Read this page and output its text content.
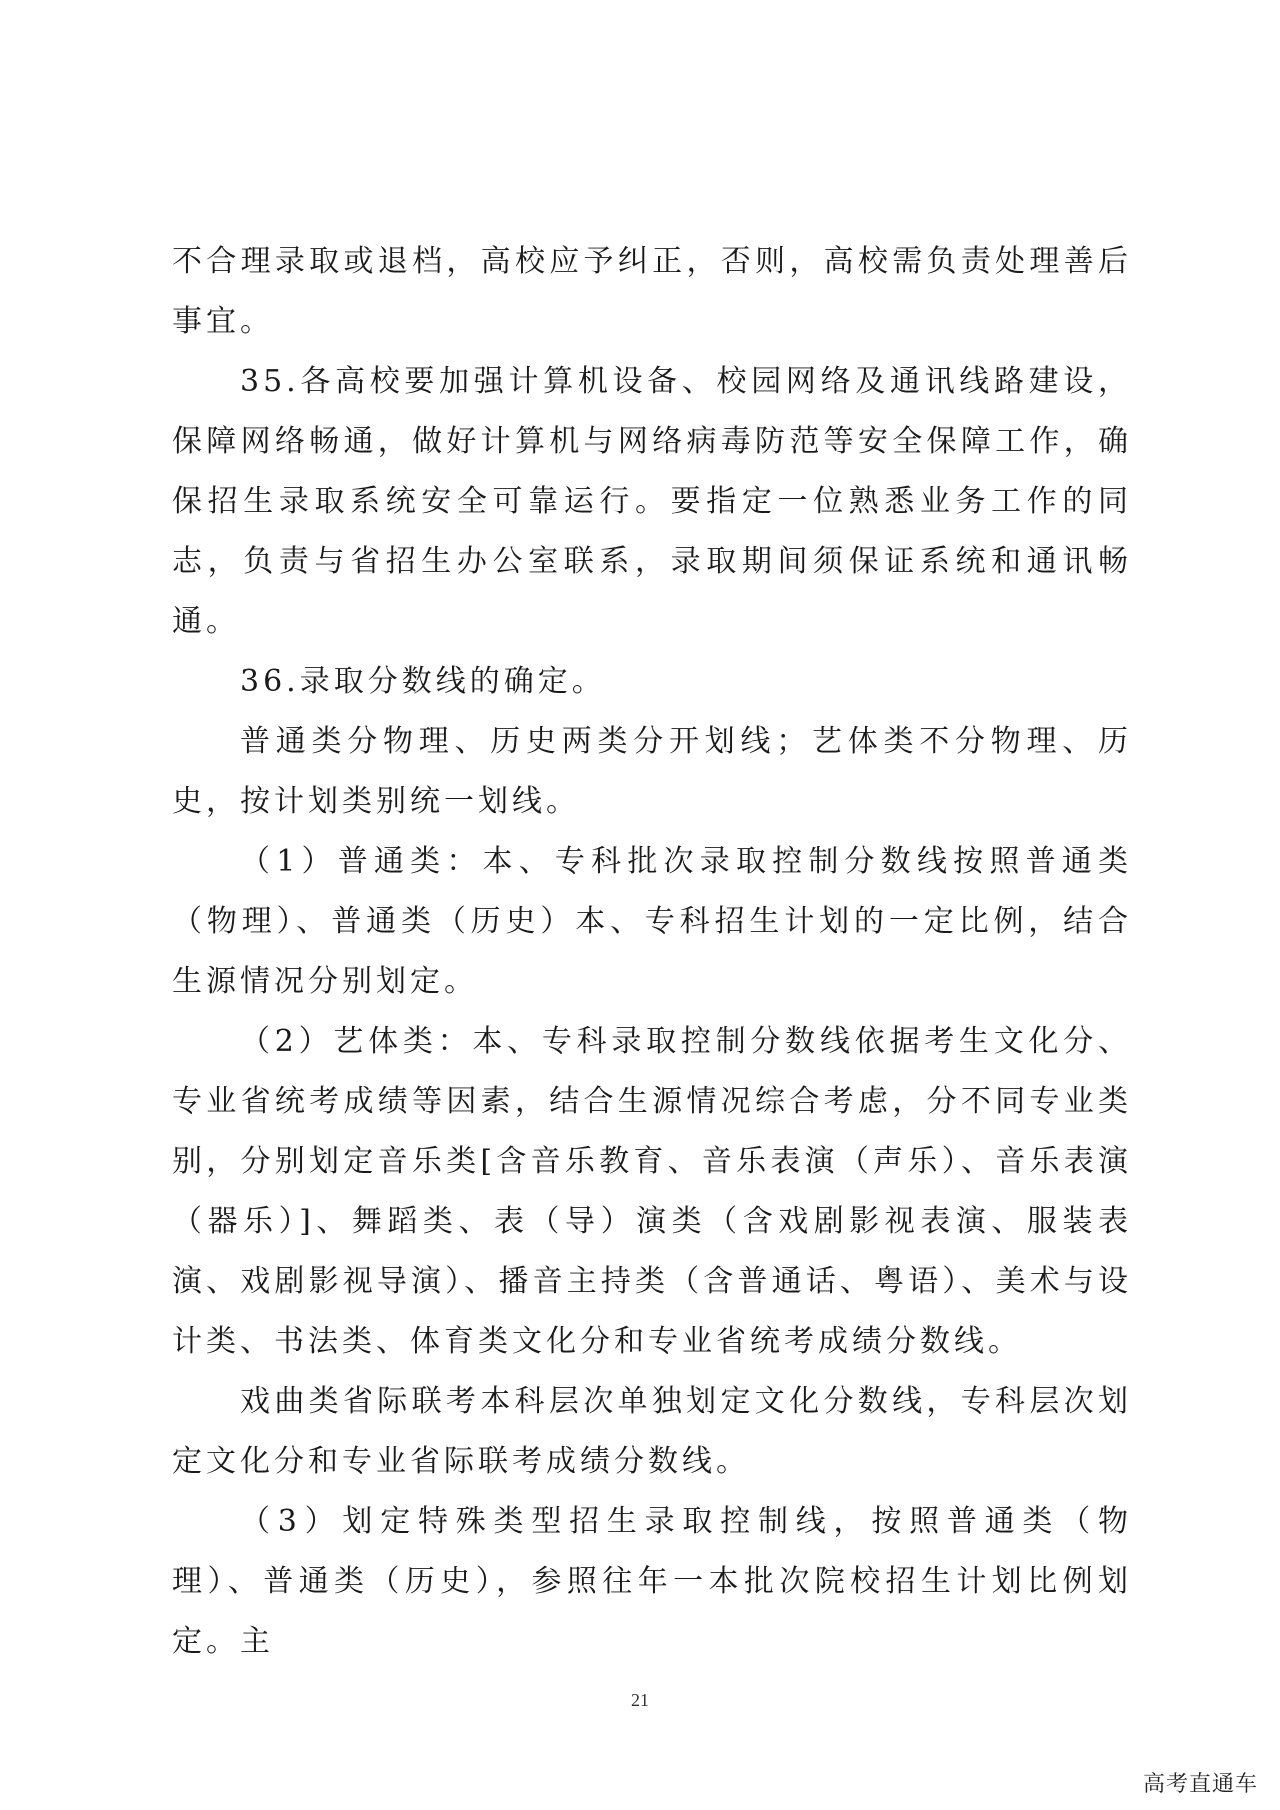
不合理录取或退档，高校应予纠正，否则，高校需负责处理善后事宜。

35.各高校要加强计算机设备、校园网络及通讯线路建设，保障网络畅通，做好计算机与网络病毒防范等安全保障工作，确保招生录取系统安全可靠运行。要指定一位熟悉业务工作的同志，负责与省招生办公室联系，录取期间须保证系统和通讯畅通。

36.录取分数线的确定。

普通类分物理、历史两类分开划线；艺体类不分物理、历史，按计划类别统一划线。

（1）普通类：本、专科批次录取控制分数线按照普通类（物理）、普通类（历史）本、专科招生计划的一定比例，结合生源情况分别划定。

（2）艺体类：本、专科录取控制分数线依据考生文化分、专业省统考成绩等因素，结合生源情况综合考虑，分不同专业类别，分别划定音乐类[含音乐教育、音乐表演（声乐）、音乐表演（器乐）]、舞蹈类、表（导）演类（含戏剧影视表演、服装表演、戏剧影视导演）、播音主持类（含普通话、粤语）、美术与设计类、书法类、体育类文化分和专业省统考成绩分数线。

戏曲类省际联考本科层次单独划定文化分数线，专科层次划定文化分和专业省际联考成绩分数线。

（3）划定特殊类型招生录取控制线，按照普通类（物理）、普通类（历史），参照往年一本批次院校招生计划比例划定。主

21
高考直通车
